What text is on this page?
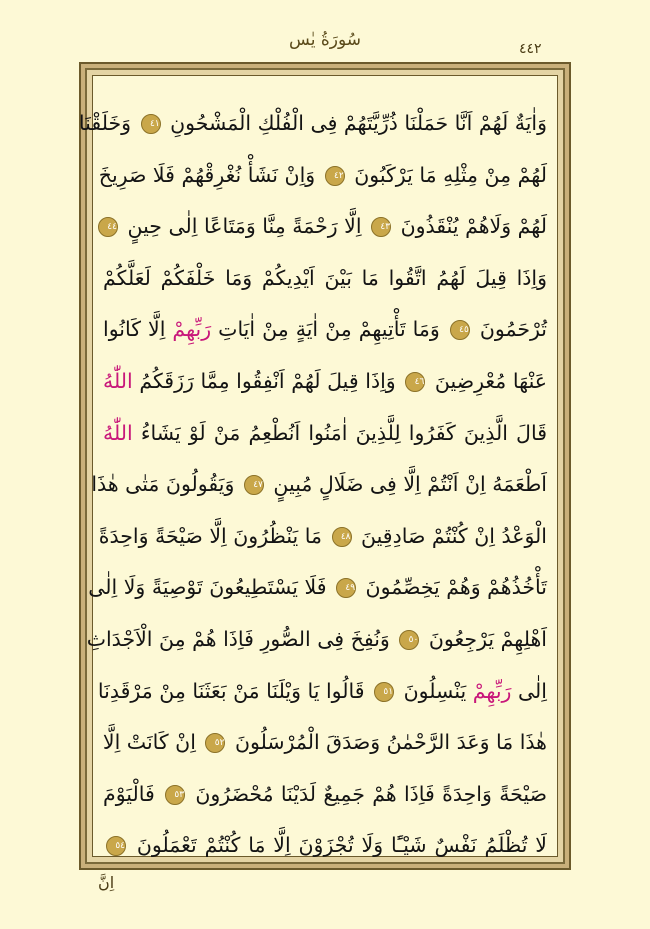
سُورَةُ يٰس	٤٤٢
وَاٰيَةٌ لَهُمْ اَنَّا حَمَلْنَا ذُرِّيَّتَهُمْ فِى الْفُلْكِ الْمَشْحُونِ ٤١ وَخَلَقْنَا
لَهُمْ مِنْ مِثْلِهِ مَا يَرْكَبُونَ ٤٢ وَاِنْ نَشَأْ نُغْرِقْهُمْ فَلَا صَرِيخَ
لَهُمْ وَلَاهُمْ يُنْقَذُونَ ٤٣ اِلَّا رَحْمَةً مِنَّا وَمَتَاعًا اِلٰى حِينٍ ٤٤
وَاِذَا قِيلَ لَهُمُ اتَّقُوا مَا بَيْنَ اَيْدِيكُمْ وَمَا خَلْفَكُمْ لَعَلَّكُمْ
تُرْحَمُونَ ٤٥ وَمَا تَأْتِيهِمْ مِنْ اٰيَةٍ مِنْ اٰيَاتِ رَبِّهِمْ اِلَّا كَانُوا
عَنْهَا مُعْرِضِينَ ٤٦ وَاِذَا قِيلَ لَهُمْ اَنْفِقُوا مِمَّا رَزَقَكُمُ اللّٰهُ
قَالَ الَّذِينَ كَفَرُوا لِلَّذِينَ اٰمَنُوا اَنُطْعِمُ مَنْ لَوْ يَشَاءُ اللّٰهُ
اَطْعَمَهُ اِنْ اَنْتُمْ اِلَّا فِى ضَلَالٍ مُبِينٍ ٤٧ وَيَقُولُونَ مَتٰى هٰذَا
الْوَعْدُ اِنْ كُنْتُمْ صَادِقِينَ ٤٨ مَا يَنْظُرُونَ اِلَّا صَيْحَةً وَاحِدَةً
تَأْخُذُهُمْ وَهُمْ يَخِصِّمُونَ ٤٩ فَلَا يَسْتَطِيعُونَ تَوْصِيَةً وَلَا اِلٰى
اَهْلِهِمْ يَرْجِعُونَ ٥٠ وَنُفِخَ فِى الصُّورِ فَاِذَا هُمْ مِنَ الْاَجْدَاثِ
اِلٰى رَبِّهِمْ يَنْسِلُونَ ٥١ قَالُوا يَا وَيْلَنَا مَنْ بَعَثَنَا مِنْ مَرْقَدِنَا
هٰذَا مَا وَعَدَ الرَّحْمٰنُ وَصَدَقَ الْمُرْسَلُونَ ٥٢ اِنْ كَانَتْ اِلَّا
صَيْحَةً وَاحِدَةً فَاِذَا هُمْ جَمِيعٌ لَدَيْنَا مُحْضَرُونَ ٥٣ فَالْيَوْمَ
لَا تُظْلَمُ نَفْسٌ شَيْـًٔا وَلَا تُجْزَوْنَ اِلَّا مَا كُنْتُمْ تَعْمَلُونَ ٥٤
اِنَّ
